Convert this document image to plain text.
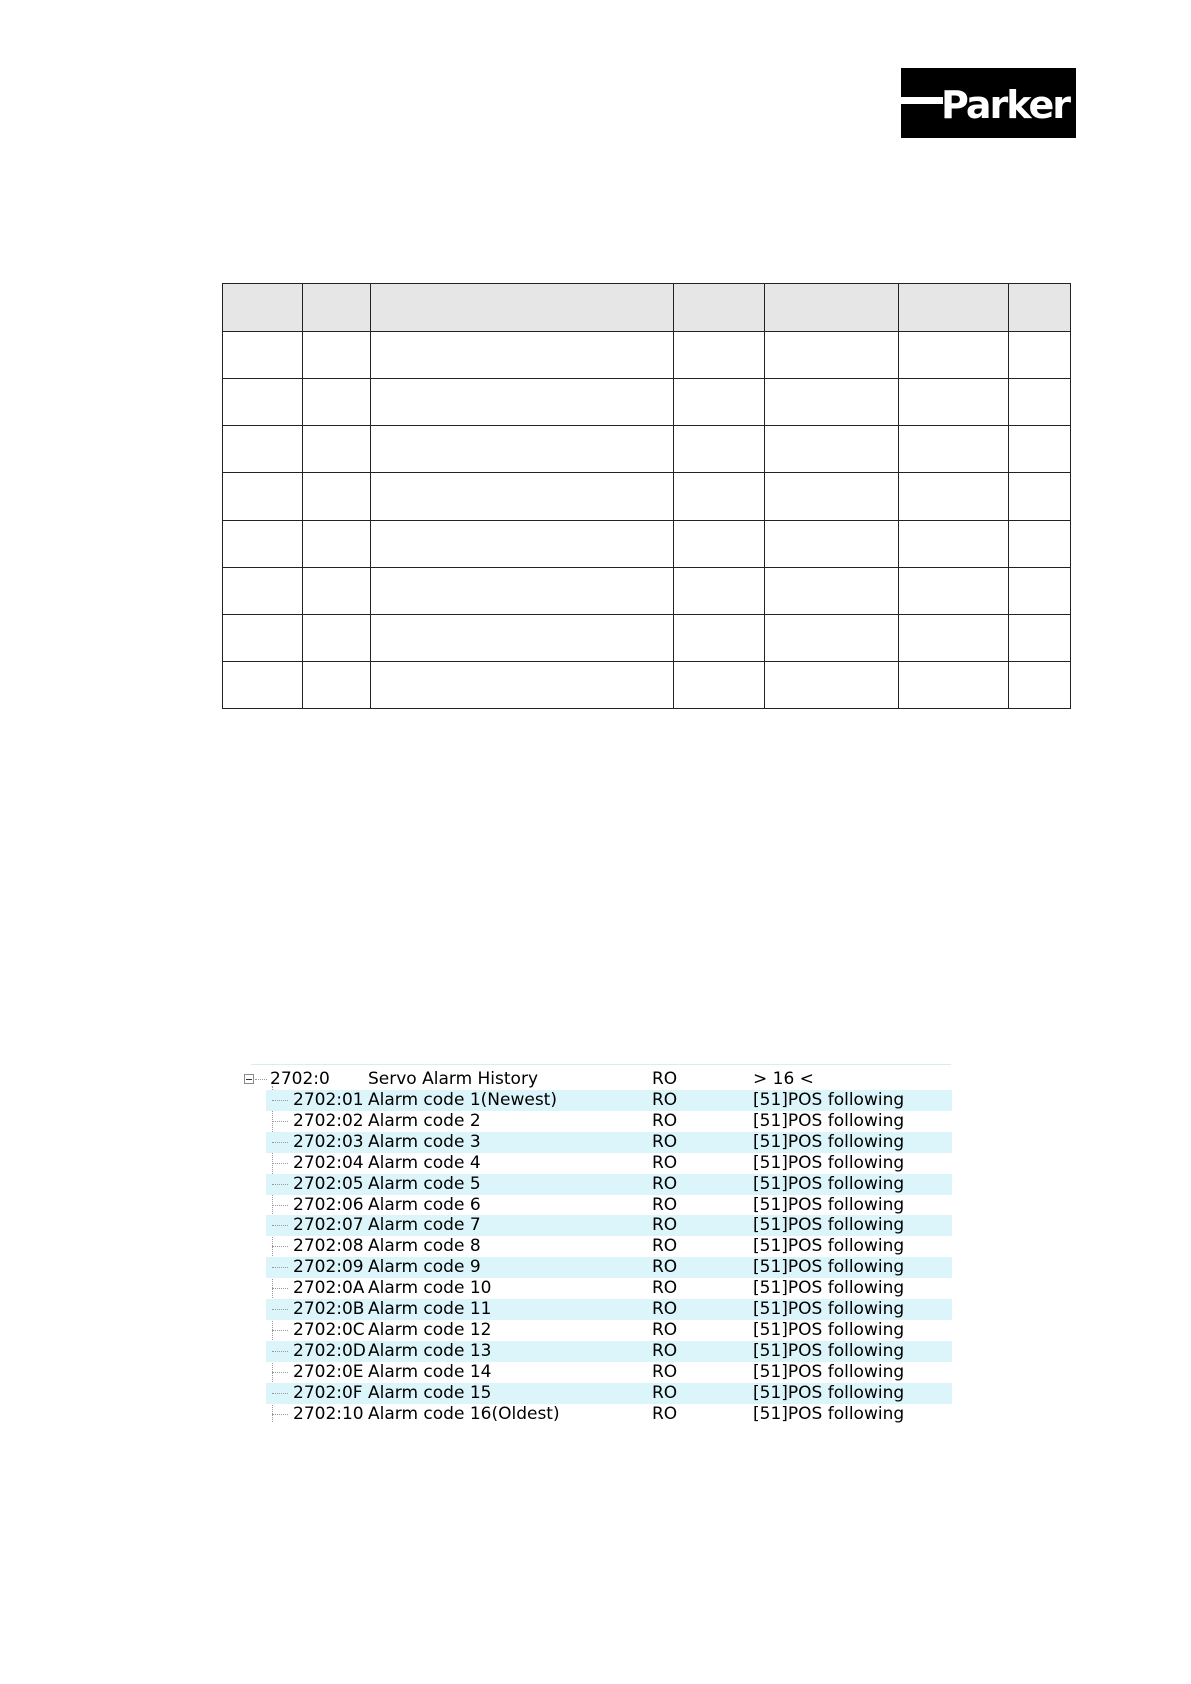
Parker

2702:0 Servo Alarm History	RO	> 16 <
2702:01 Alarm code 1(Newest)	RO	[51]POS following
2702:02 Alarm code 2	RO	[51]POS following
2702:03 Alarm code 3	RO	[51]POS following
2702:04 Alarm code 4	RO	[51]POS following
2702:05 Alarm code 5	RO	[51]POS following
2702:06 Alarm code 6	RO	[51]POS following
2702:07 Alarm code 7	RO	[51]POS following
2702:08 Alarm code 8	RO	[51]POS following
2702:09 Alarm code 9	RO	[51]POS following
2702:0A Alarm code 10	RO	[51]POS following
2702:0B Alarm code 11	RO	[51]POS following
2702:0C Alarm code 12	RO	[51]POS following
2702:0D Alarm code 13	RO	[51]POS following
2702:0E Alarm code 14	RO	[51]POS following
2702:0F Alarm code 15	RO	[51]POS following
2702:10 Alarm code 16(Oldest)	RO	[51]POS following
